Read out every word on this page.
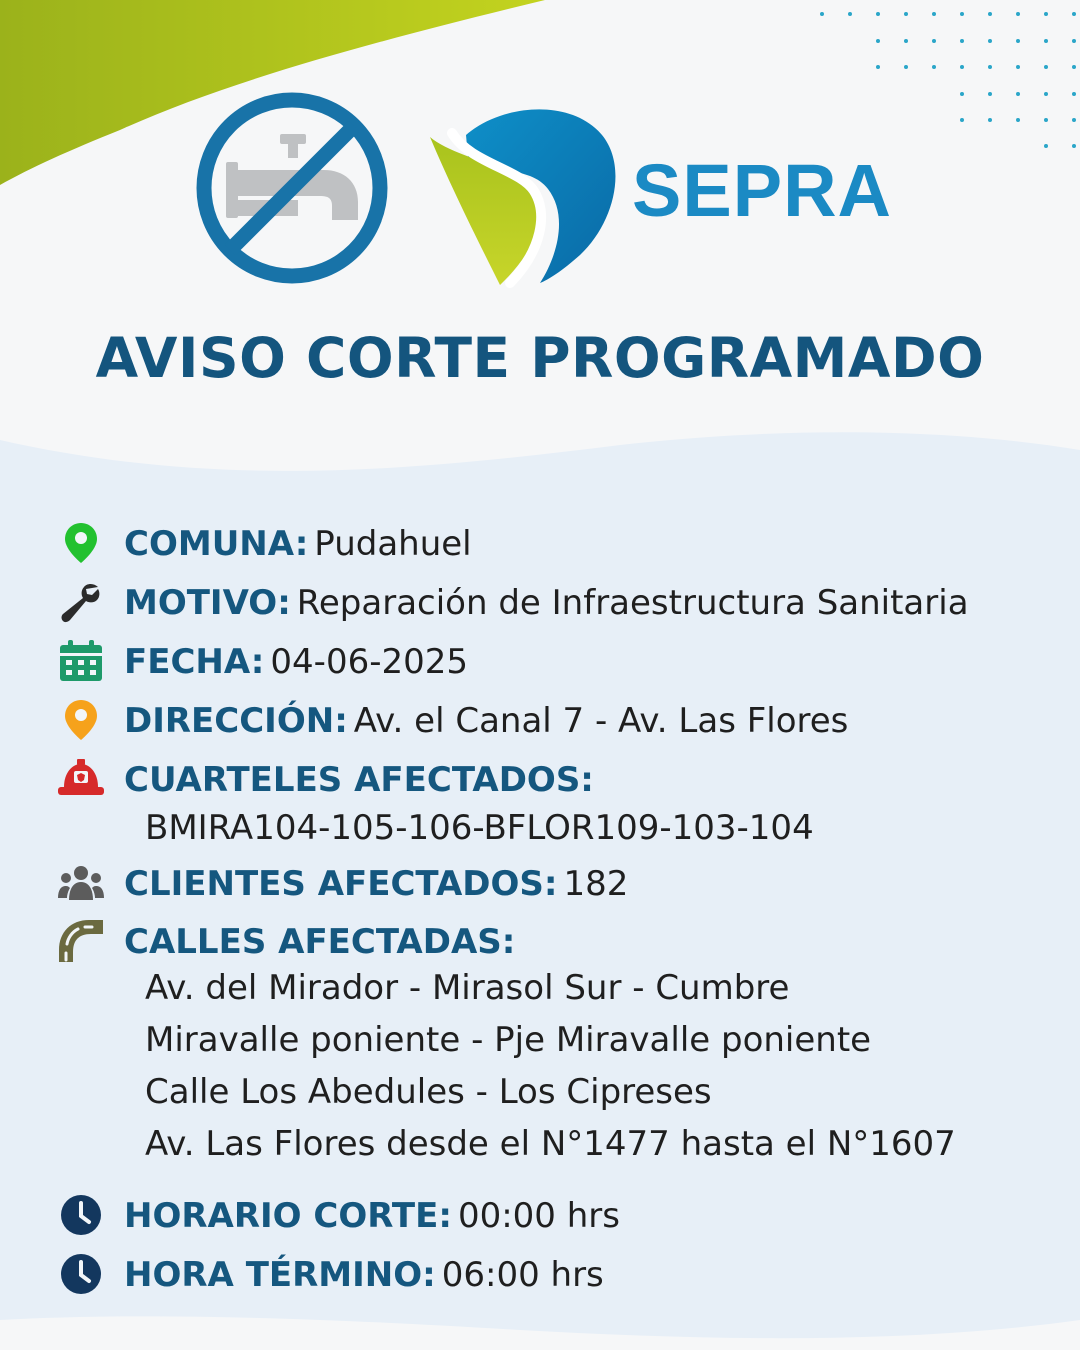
SEPRA
AVISO CORTE PROGRAMADO
COMUNA: Pudahuel
MOTIVO: Reparación de Infraestructura Sanitaria
FECHA: 04-06-2025
DIRECCIÓN: Av. el Canal 7 - Av. Las Flores
CUARTELES AFECTADOS:
BMIRA104-105-106-BFLOR109-103-104
CLIENTES AFECTADOS: 182
CALLES AFECTADAS:
Av. del Mirador - Mirasol Sur - Cumbre
Miravalle poniente - Pje Miravalle poniente
Calle Los Abedules - Los Cipreses
Av. Las Flores desde el N°1477 hasta el N°1607
HORARIO CORTE: 00:00 hrs
HORA TÉRMINO: 06:00 hrs
